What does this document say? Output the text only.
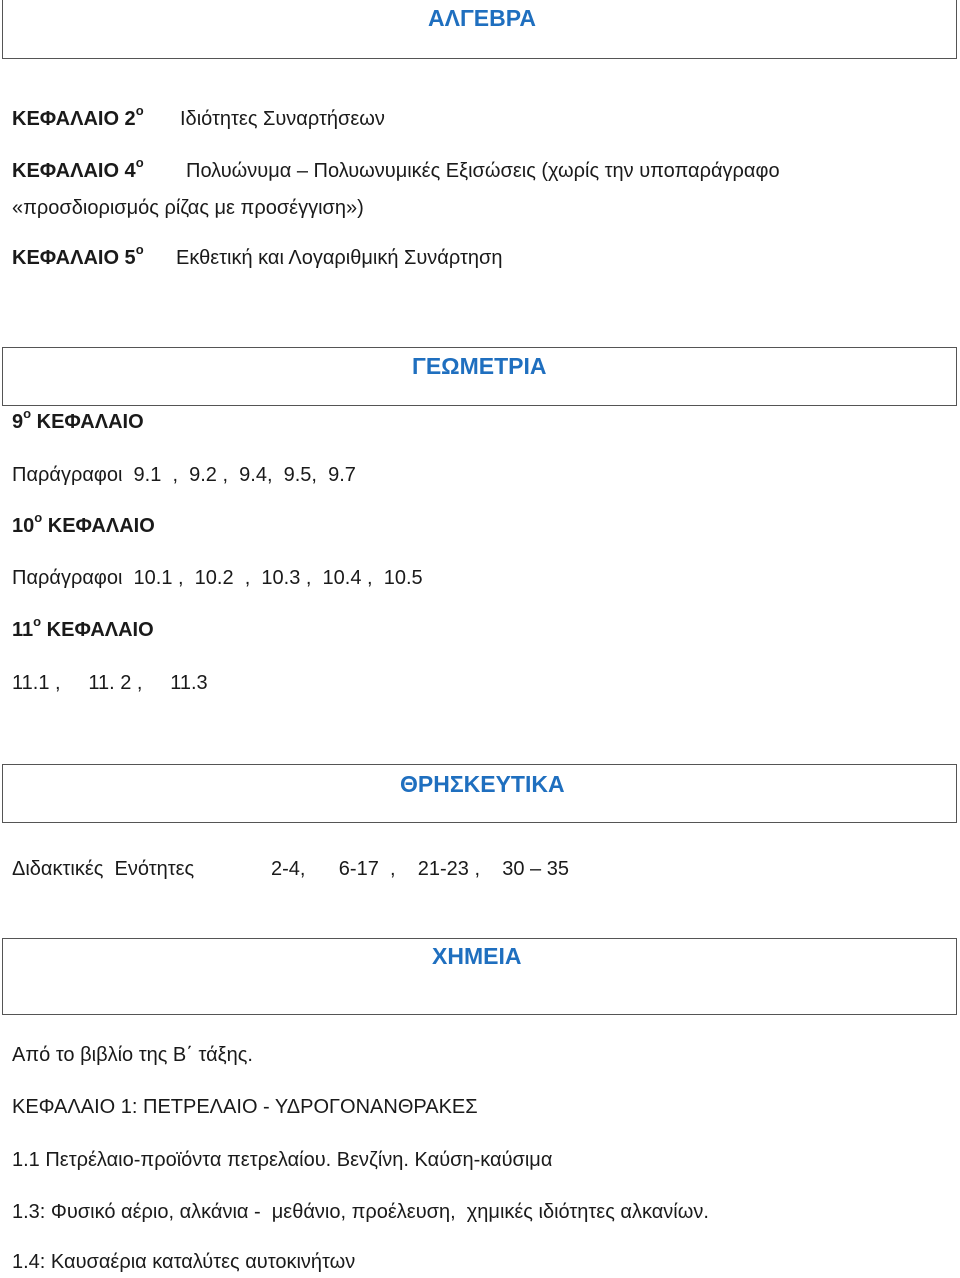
ΑΛΓΕΒΡΑ
ΚΕΦΑΛΑΙΟ $2^o$ Ιδιότητες Συναρτήσεων
ΚΕΦΑΛΑΙΟ $4^o$ Πολυώνυμα – Πολυωνυμικές Εξισώσεις (χωρίς την υποπαράγραφο
«προσδιορισμός ρίζας με προσέγγιση»)
ΚΕΦΑΛΑΙΟ $5^o$ Εκθετική και Λογαριθμική Συνάρτηση
ΓΕΩΜΕΤΡΙΑ
$9^o$ ΚΕΦΑΛΑΙΟ
Παράγραφοι  9.1  ,  9.2 ,  9.4,  9.5,  9.7
$10^o$ ΚΕΦΑΛΑΙΟ
Παράγραφοι  10.1 ,  10.2  ,  10.3 ,  10.4 ,  10.5
$11^o$ ΚΕΦΑΛΑΙΟ
11.1 ,     11. 2 ,     11.3
ΘΡΗΣΚΕΥΤΙΚΑ
Διδακτικές  Ενότητες	2-4,      6-17  ,    21-23 ,    30 – 35
ΧΗΜΕΙΑ
Από το βιβλίο της Β΄ τάξης.
ΚΕΦΑΛΑΙΟ 1: ΠΕΤΡΕΛΑΙΟ - ΥΔΡΟΓΟΝΑΝΘΡΑΚΕΣ
1.1 Πετρέλαιο-προϊόντα πετρελαίου. Βενζίνη. Καύση-καύσιμα
1.3: Φυσικό αέριο, αλκάνια -  μεθάνιο, προέλευση,  χημικές ιδιότητες αλκανίων.
1.4: Καυσαέρια καταλύτες αυτοκινήτων
